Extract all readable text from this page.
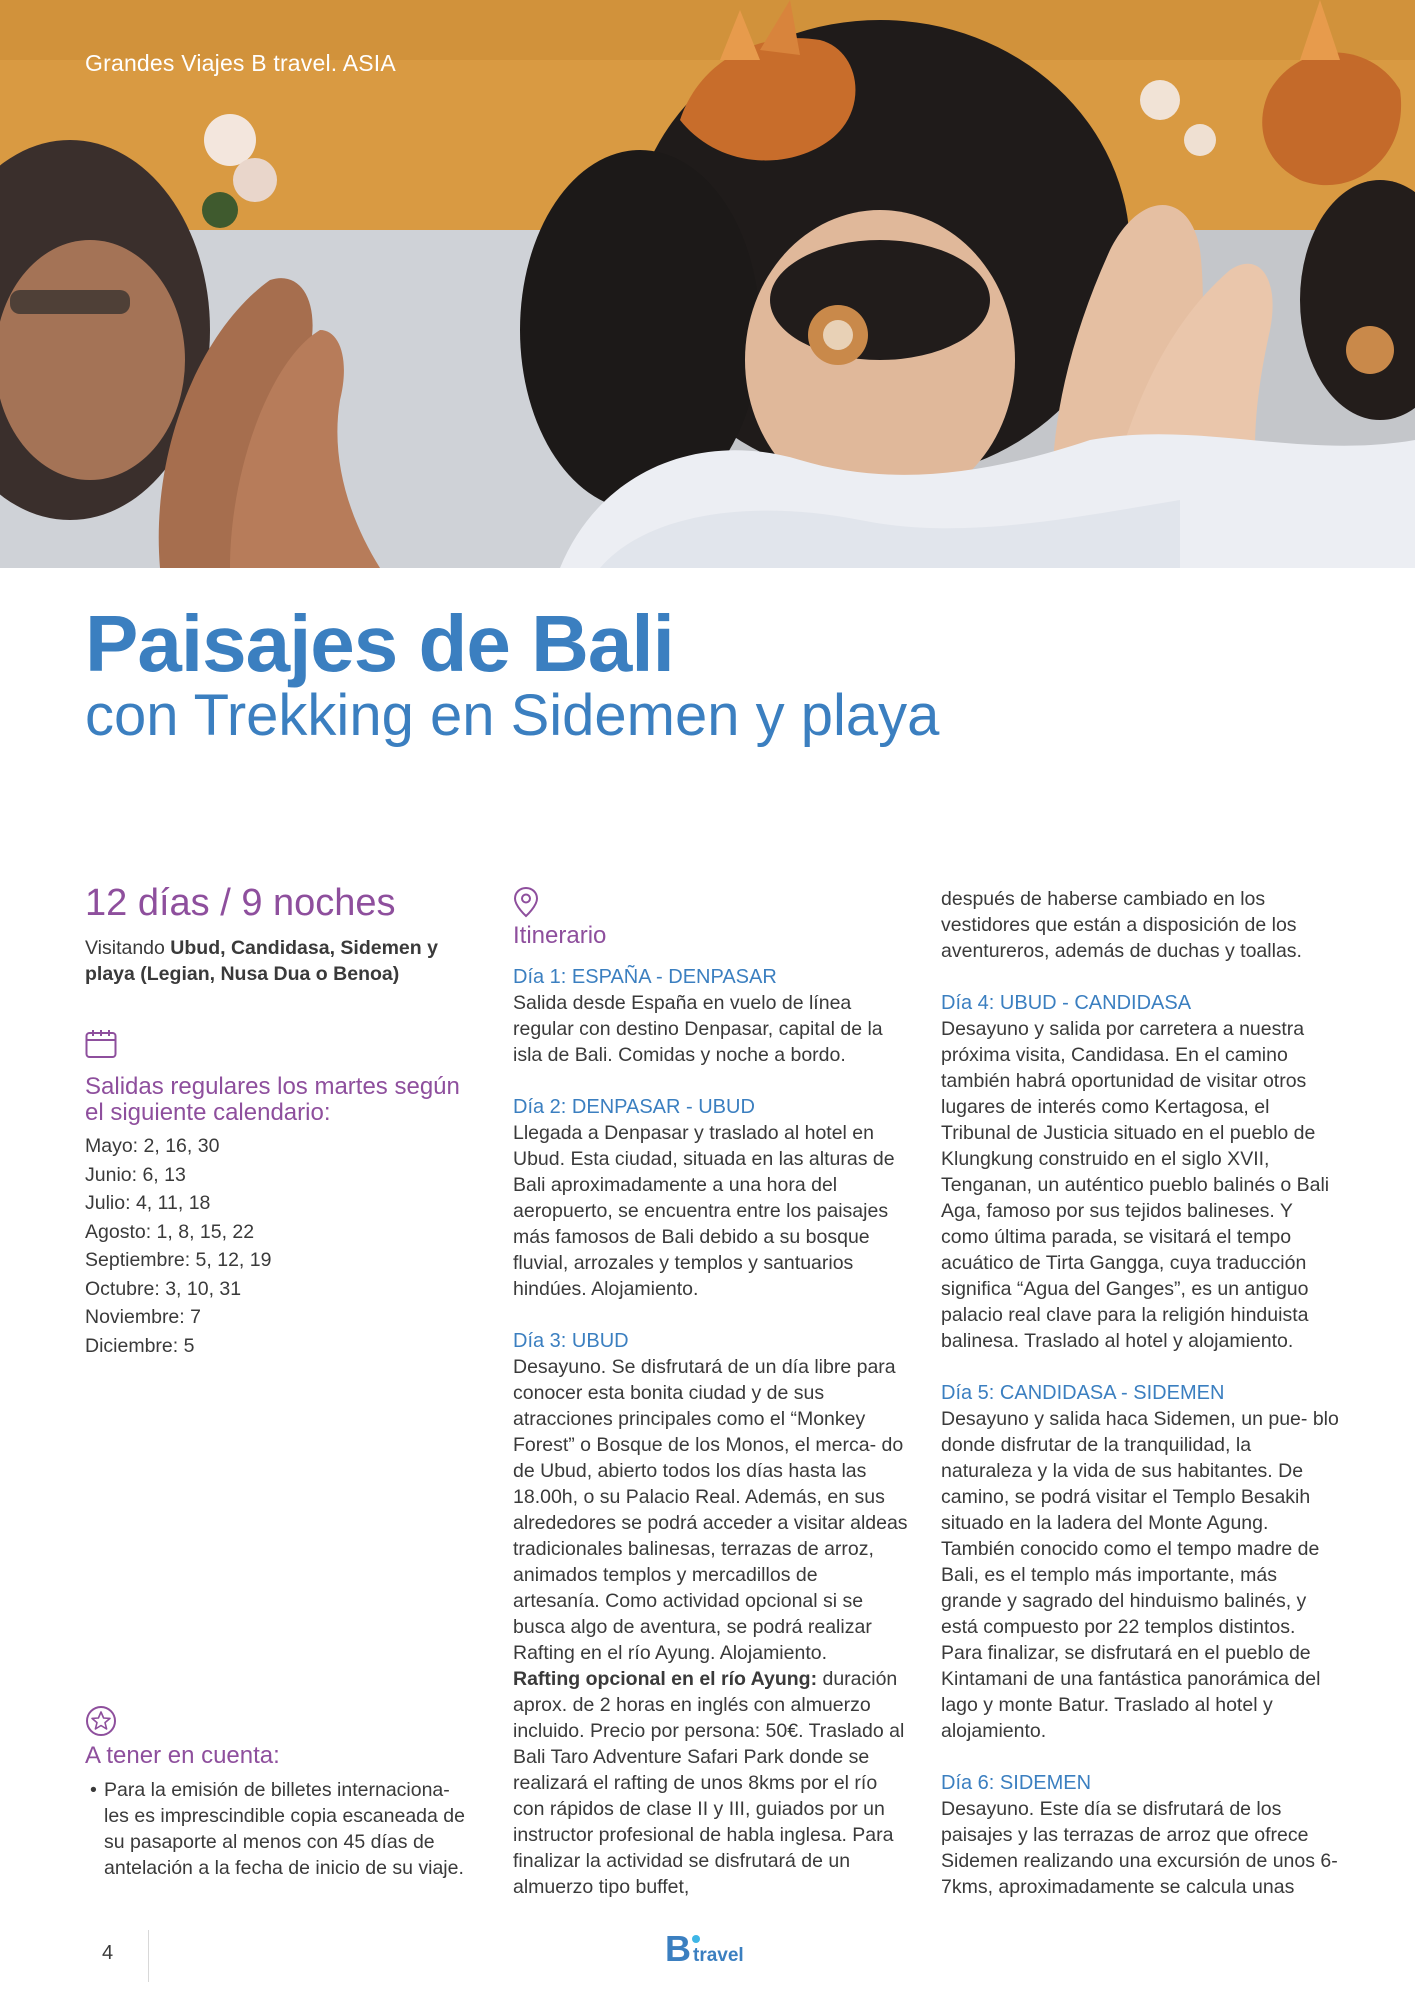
Grandes Viajes B travel. ASIA
Paisajes de Bali
con Trekking en Sidemen y playa

12 días / 9 noches

Visitando Ubud, Candidasa, Sidemen y playa (Legian, Nusa Dua o Benoa)

Salidas regulares los martes según el siguiente calendario:

Mayo: 2, 16, 30
Junio: 6, 13
Julio: 4, 11, 18
Agosto: 1, 8, 15, 22
Septiembre: 5, 12, 19
Octubre: 3, 10, 31
Noviembre: 7
Diciembre: 5
A tener en cuenta:
• Para la emisión de billetes internaciona- les es imprescindible copia escaneada de su pasaporte al menos con 45 días de antelación a la fecha de inicio de su viaje.
Itinerario

Día 1: ESPAÑA - DENPASAR

Salida desde España en vuelo de línea regular con destino Denpasar, capital de la isla de Bali. Comidas y noche a bordo.

Día 2: DENPASAR - UBUD

Llegada a Denpasar y traslado al hotel en Ubud. Esta ciudad, situada en las alturas de Bali aproximadamente a una hora del aeropuerto, se encuentra entre los paisajes más famosos de Bali debido a su bosque fluvial, arrozales y templos y santuarios hindúes. Alojamiento.

Día 3: UBUD

Desayuno. Se disfrutará de un día libre para conocer esta bonita ciudad y de sus atracciones principales como el “Monkey Forest” o Bosque de los Monos, el merca- do de Ubud, abierto todos los días hasta las 18.00h, o su Palacio Real. Además, en sus alrededores se podrá acceder a visitar aldeas tradicionales balinesas, terrazas de arroz, animados templos y mercadillos de artesanía. Como actividad opcional si se busca algo de aventura, se podrá realizar Rafting en el río Ayung. Alojamiento.

Rafting opcional en el río Ayung: duración aprox. de 2 horas en inglés con almuerzo incluido. Precio por persona: 50€. Traslado al Bali Taro Adventure Safari Park donde se realizará el rafting de unos 8kms por el río con rápidos de clase II y III, guiados por un instructor profesional de habla inglesa. Para finalizar la actividad se disfrutará de un almuerzo tipo buffet,

después de haberse cambiado en los vestidores que están a disposición de los aventureros, además de duchas y toallas.

Día 4: UBUD - CANDIDASA

Desayuno y salida por carretera a nuestra próxima visita, Candidasa. En el camino también habrá oportunidad de visitar otros lugares de interés como Kertagosa, el Tribunal de Justicia situado en el pueblo de Klungkung construido en el siglo XVII, Tenganan, un auténtico pueblo balinés o Bali Aga, famoso por sus tejidos balineses. Y como última parada, se visitará el tempo acuático de Tirta Gangga, cuya traducción significa “Agua del Ganges”, es un antiguo palacio real clave para la religión hinduista balinesa. Traslado al hotel y alojamiento.

Día 5: CANDIDASA - SIDEMEN

Desayuno y salida haca Sidemen, un pue- blo donde disfrutar de la tranquilidad, la naturaleza y la vida de sus habitantes. De camino, se podrá visitar el Templo Besakih situado en la ladera del Monte Agung. También conocido como el tempo madre de Bali, es el templo más importante, más grande y sagrado del hinduismo balinés, y está compuesto por 22 templos distintos. Para finalizar, se disfrutará en el pueblo de Kintamani de una fantástica panorámica del lago y monte Batur. Traslado al hotel y alojamiento.

Día 6: SIDEMEN

Desayuno. Este día se disfrutará de los paisajes y las terrazas de arroz que ofrece Sidemen realizando una excursión de unos 6-7kms, aproximadamente se calcula unas

4	B travel
